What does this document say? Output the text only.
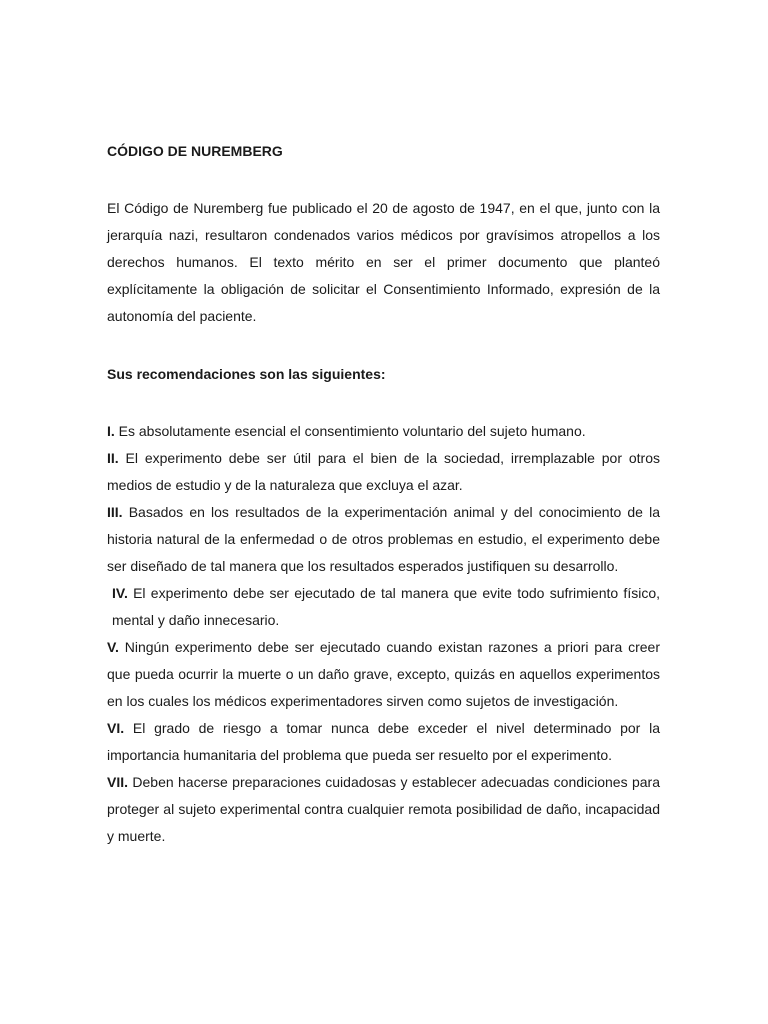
CÓDIGO DE NUREMBERG

El Código de Nuremberg fue publicado el 20 de agosto de 1947, en el que, junto con la jerarquía nazi, resultaron condenados varios médicos por gravísimos atropellos a los derechos humanos. El texto mérito en ser el primer documento que planteó explícitamente la obligación de solicitar el Consentimiento Informado, expresión de la autonomía del paciente.

Sus recomendaciones son las siguientes:

I. Es absolutamente esencial el consentimiento voluntario del sujeto humano.

II. El experimento debe ser útil para el bien de la sociedad, irremplazable por otros medios de estudio y de la naturaleza que excluya el azar.

III. Basados en los resultados de la experimentación animal y del conocimiento de la historia natural de la enfermedad o de otros problemas en estudio, el experimento debe ser diseñado de tal manera que los resultados esperados justifiquen su desarrollo.

IV. El experimento debe ser ejecutado de tal manera que evite todo sufrimiento físico, mental y daño innecesario.

V. Ningún experimento debe ser ejecutado cuando existan razones a priori para creer que pueda ocurrir la muerte o un daño grave, excepto, quizás en aquellos experimentos en los cuales los médicos experimentadores sirven como sujetos de investigación.

VI. El grado de riesgo a tomar nunca debe exceder el nivel determinado por la importancia humanitaria del problema que pueda ser resuelto por el experimento.

VII. Deben hacerse preparaciones cuidadosas y establecer adecuadas condiciones para proteger al sujeto experimental contra cualquier remota posibilidad de daño, incapacidad y muerte.
